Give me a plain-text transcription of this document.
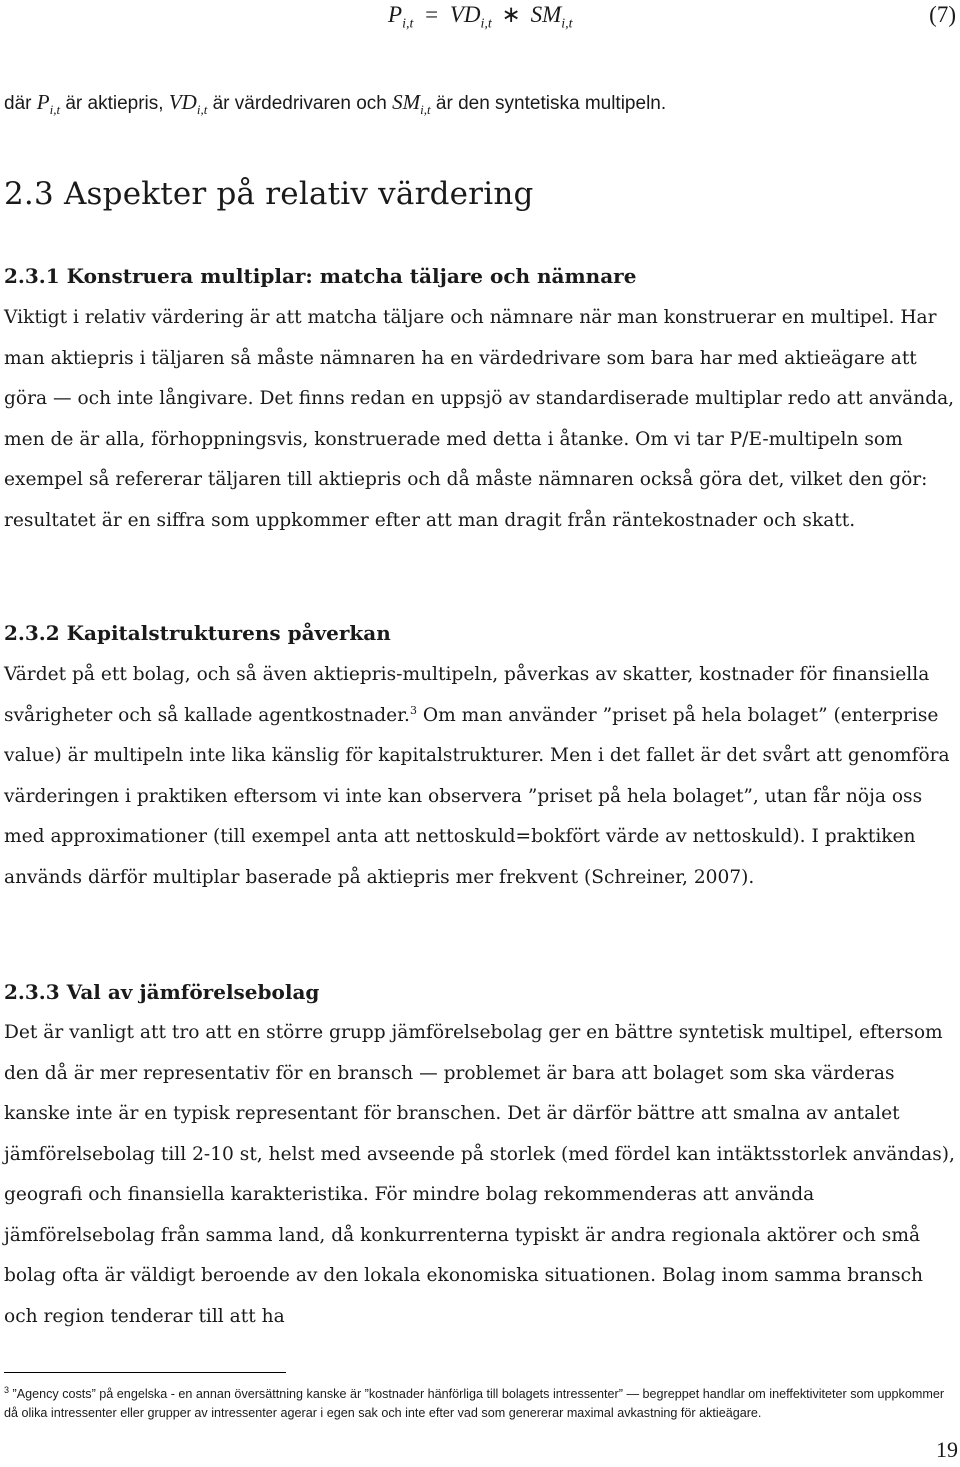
$P_{i,t} = VD_{i,t}$ ∗ $SM_{i,t}$	(7)

där $P_{i,t}$ är aktiepris, $VD_{i,t}$ är värdedrivaren och $SM_{i,t}$ är den syntetiska multipeln.

2.3 Aspekter på relativ värdering
2.3.1 Konstruera multiplar: matcha täljare och nämnare

Viktigt i relativ värdering är att matcha täljare och nämnare när man konstruerar en multipel. Har man aktiepris i täljaren så måste nämnaren ha en värdedrivare som bara har med aktieägare att göra — och inte långivare. Det finns redan en uppsjö av standardiserade multiplar redo att använda, men de är alla, förhoppningsvis, konstruerade med detta i åtanke. Om vi tar P/E-multipeln som exempel så refererar täljaren till aktiepris och då måste nämnaren också göra det, vilket den gör: resultatet är en siffra som uppkommer efter att man dragit från räntekostnader och skatt.

2.3.2 Kapitalstrukturens påverkan

Värdet på ett bolag, och så även aktiepris-multipeln, påverkas av skatter, kostnader för finansiella svårigheter och så kallade agentkostnader.$^3$ Om man använder ”priset på hela bolaget” (enterprise value) är multipeln inte lika känslig för kapitalstrukturer. Men i det fallet är det svårt att genomföra värderingen i praktiken eftersom vi inte kan observera ”priset på hela bolaget”, utan får nöja oss med approximationer (till exempel anta att nettoskuld=bokfört värde av nettoskuld). I praktiken används därför multiplar baserade på aktiepris mer frekvent (Schreiner, 2007).

2.3.3 Val av jämförelsebolag

Det är vanligt att tro att en större grupp jämförelsebolag ger en bättre syntetisk multipel, eftersom den då är mer representativ för en bransch — problemet är bara att bolaget som ska värderas kanske inte är en typisk representant för branschen. Det är därför bättre att smalna av antalet jämförelsebolag till 2-10 st, helst med avseende på storlek (med fördel kan intäktsstorlek användas), geografi och finansiella karakteristika. För mindre bolag rekommenderas att använda jämförelsebolag från samma land, då konkurrenterna typiskt är andra regionala aktörer och små bolag ofta är väldigt beroende av den lokala ekonomiska situationen. Bolag inom samma bransch och region tenderar till att ha

$^3$ ”Agency costs” på engelska - en annan översättning kanske är ”kostnader hänförliga till bolagets intressenter” — begreppet handlar om ineffektiviteter som uppkommer då olika intressenter eller grupper av intressenter agerar i egen sak och inte efter vad som genererar maximal avkastning för aktieägare.

19
